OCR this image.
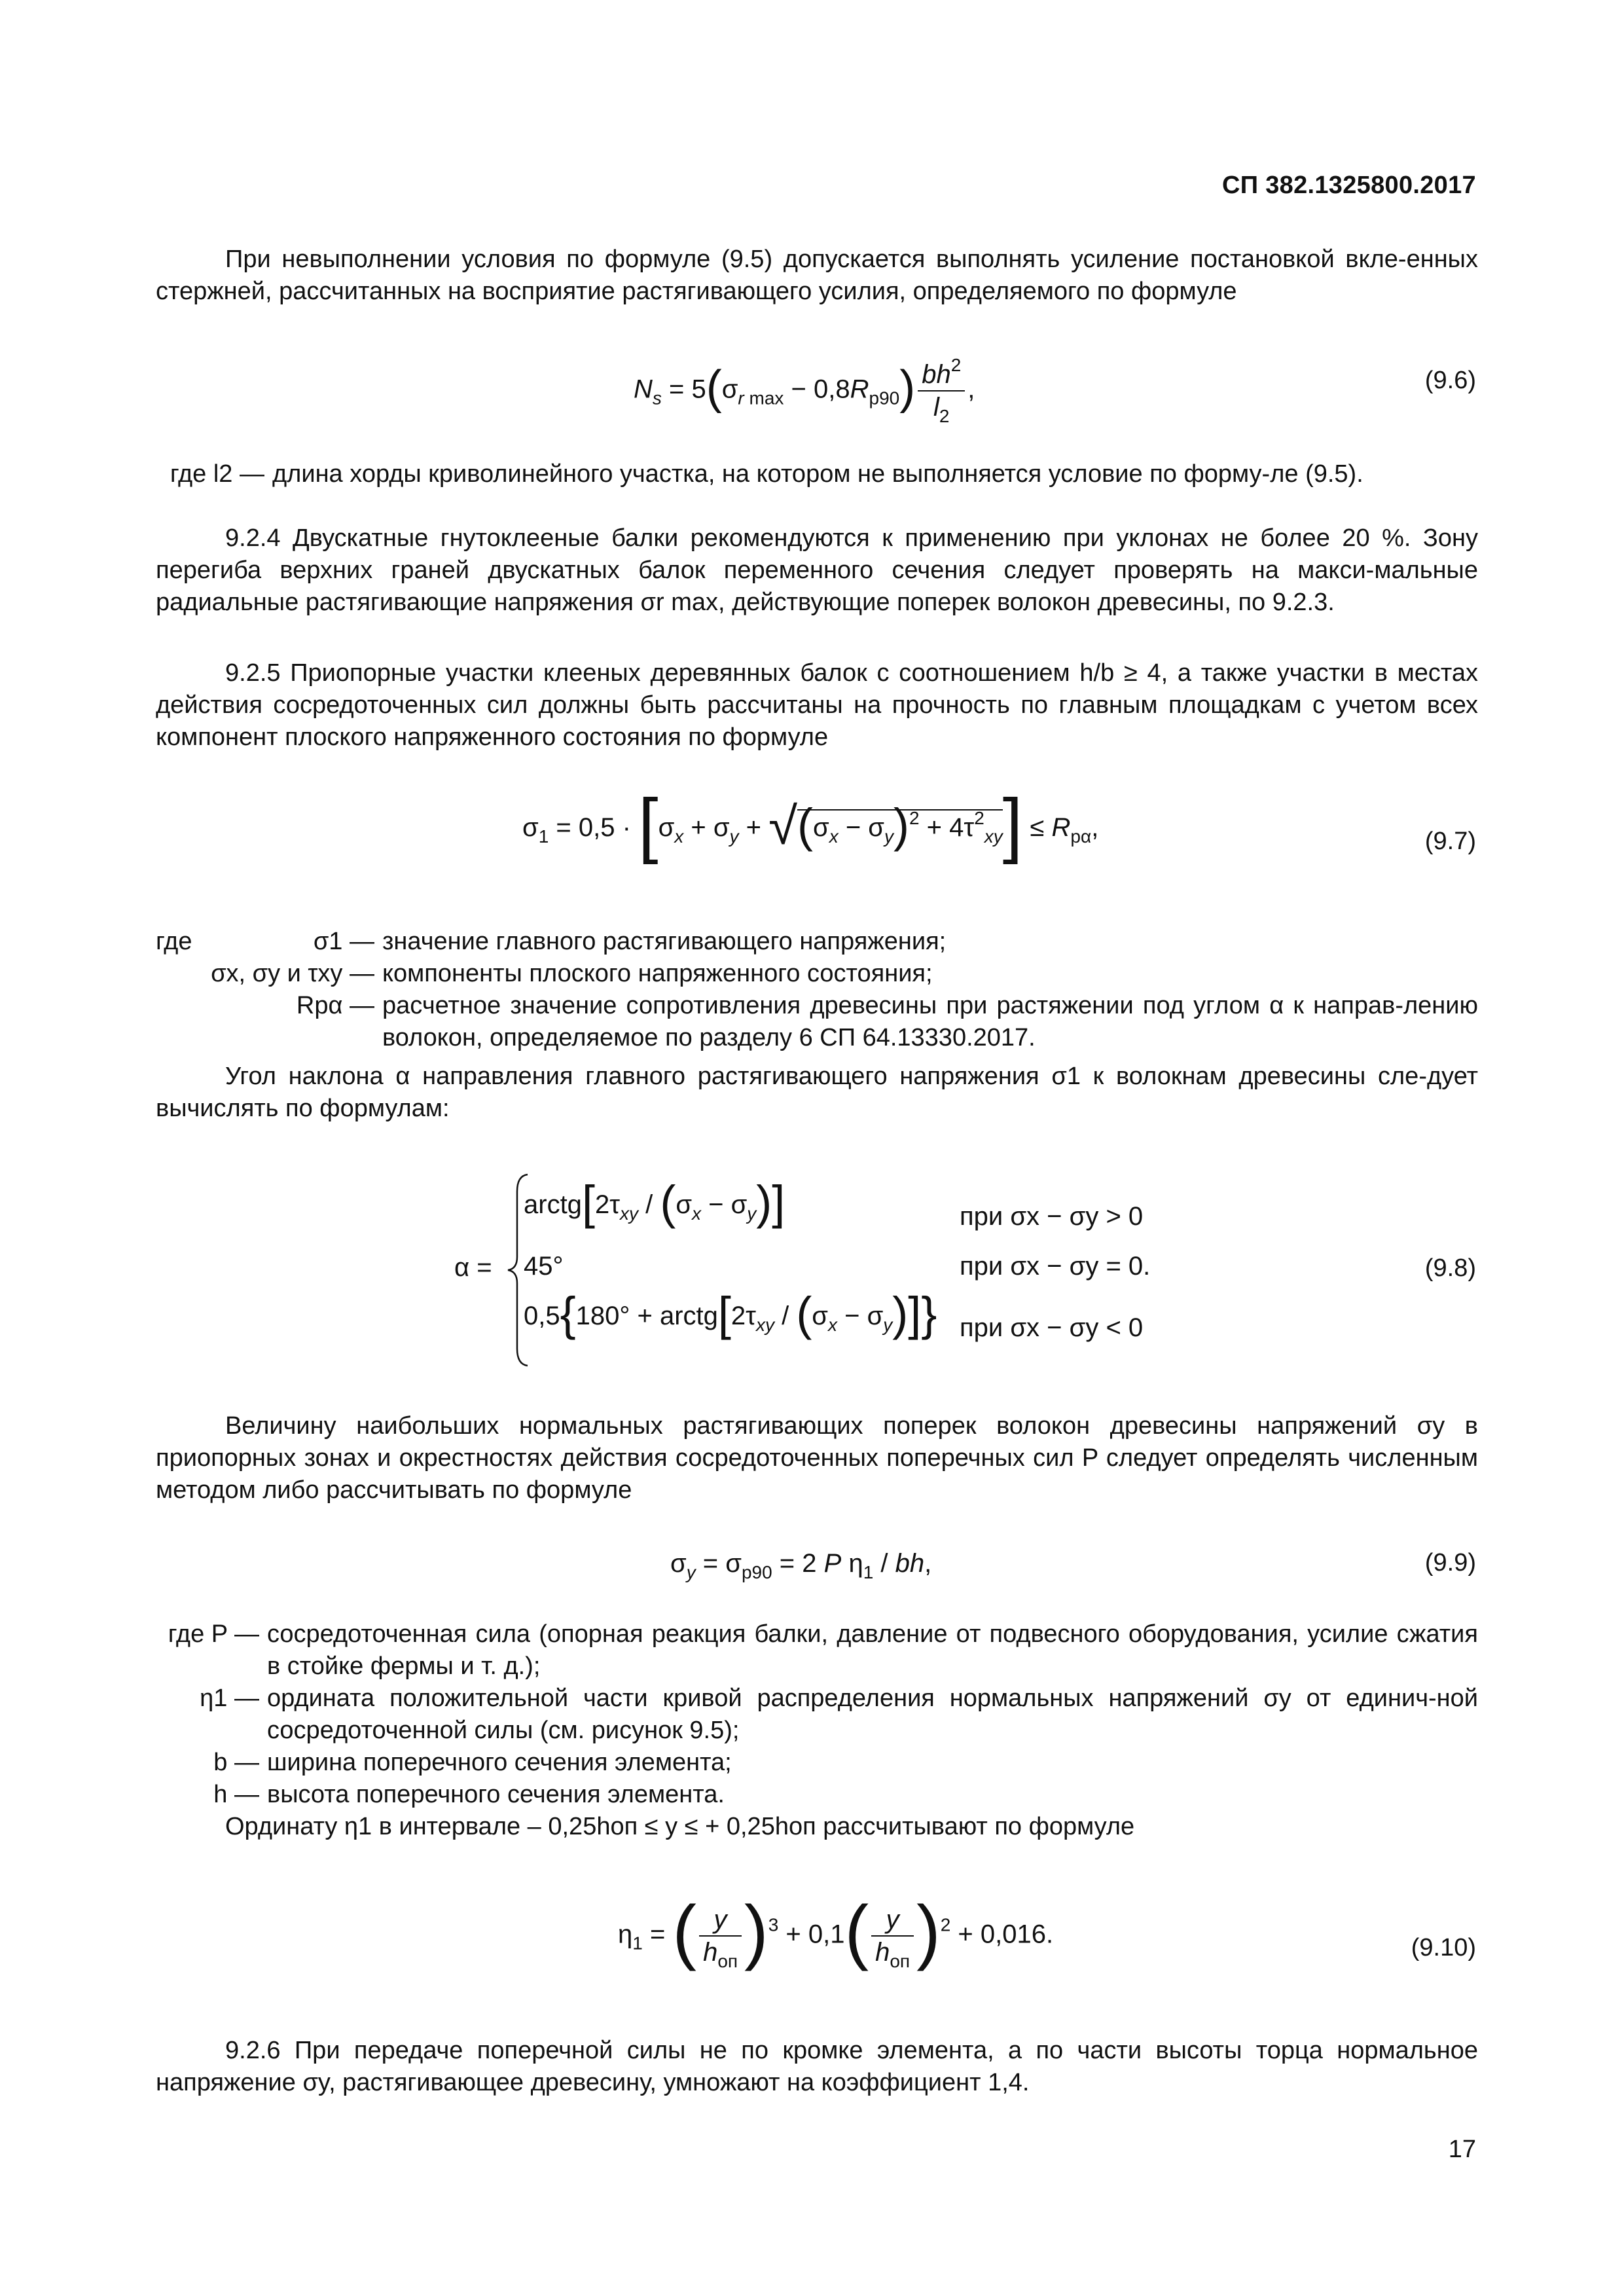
СП 382.1325800.2017
При невыполнении условия по формуле (9.5) допускается выполнять усиление постановкой вкле-енных стержней, рассчитанных на восприятие растягивающего усилия, определяемого по формуле
$N_s = 5(\sigma_{r max} - 0,8R_{р90}) \frac{bh^2}{l_2}$ ,	(9.6)
где l2 — длина хорды криволинейного участка, на котором не выполняется условие по форму-ле (9.5).
9.2.4 Двускатные гнутоклееные балки рекомендуются к применению при уклонах не более 20 %. Зону перегиба верхних граней двускатных балок переменного сечения следует проверять на макси-мальные радиальные растягивающие напряжения σr max, действующие поперек волокон древесины, по 9.2.3.
9.2.5 Приопорные участки клееных деревянных балок с соотношением h/b ≥ 4, а также участки в местах действия сосредоточенных сил должны быть рассчитаны на прочность по главным площадкам с учетом всех компонент плоского напряженного состояния по формуле
$\sigma_1 = 0,5 \cdot [\sigma_x + \sigma_y + √(\sigma_x - \sigma_y)^2 + 4\tau^2_{xy}] \le R_{р\alpha}$,	(9.7)
где	σ1 — значение главного растягивающего напряжения;
σx, σy и τxy — компоненты плоского напряженного состояния;
Rpα — расчетное значение сопротивления древесины при растяжении под углом α к направ-лению волокон, определяемое по разделу 6 СП 64.13330.2017.
Угол наклона α направления главного растягивающего напряжения σ1 к волокнам древесины сле-дует вычислять по формулам:
α =
$arctg[2\tau_{xy} / (\sigma_x - \sigma_y)]$	при σx − σy > 0
45°	при σx − σy = 0.
$0,5\{180^\circ + arctg[2\tau_{xy} / (\sigma_x - \sigma_y)]\}$ при σx − σy < 0
(9.8)
Величину наибольших нормальных растягивающих поперек волокон древесины напряжений σy в приопорных зонах и окрестностях действия сосредоточенных поперечных сил P следует определять численным методом либо рассчитывать по формуле
$\sigma_y = \sigma_{р90} = 2$ P $\eta_1$ / bh,	(9.9)
где P — сосредоточенная сила (опорная реакция балки, давление от подвесного оборудования, усилие сжатия в стойке фермы и т. д.);
η1 — ордината положительной части кривой распределения нормальных напряжений σy от единич-ной сосредоточенной силы (см. рисунок 9.5);
b — ширина поперечного сечения элемента;
h — высота поперечного сечения элемента.
Ординату η1 в интервале – 0,25hоп ≤ y ≤ + 0,25hоп рассчитывают по формуле
$\eta_1$ = ( $\frac{y}{h_{оп}} )^3 + 0,1( \frac{y}{h_{оп}} )^2 + 0,016$.	(9.10)
9.2.6 При передаче поперечной силы не по кромке элемента, а по части высоты торца нормальное напряжение σy, растягивающее древесину, умножают на коэффициент 1,4.
17
